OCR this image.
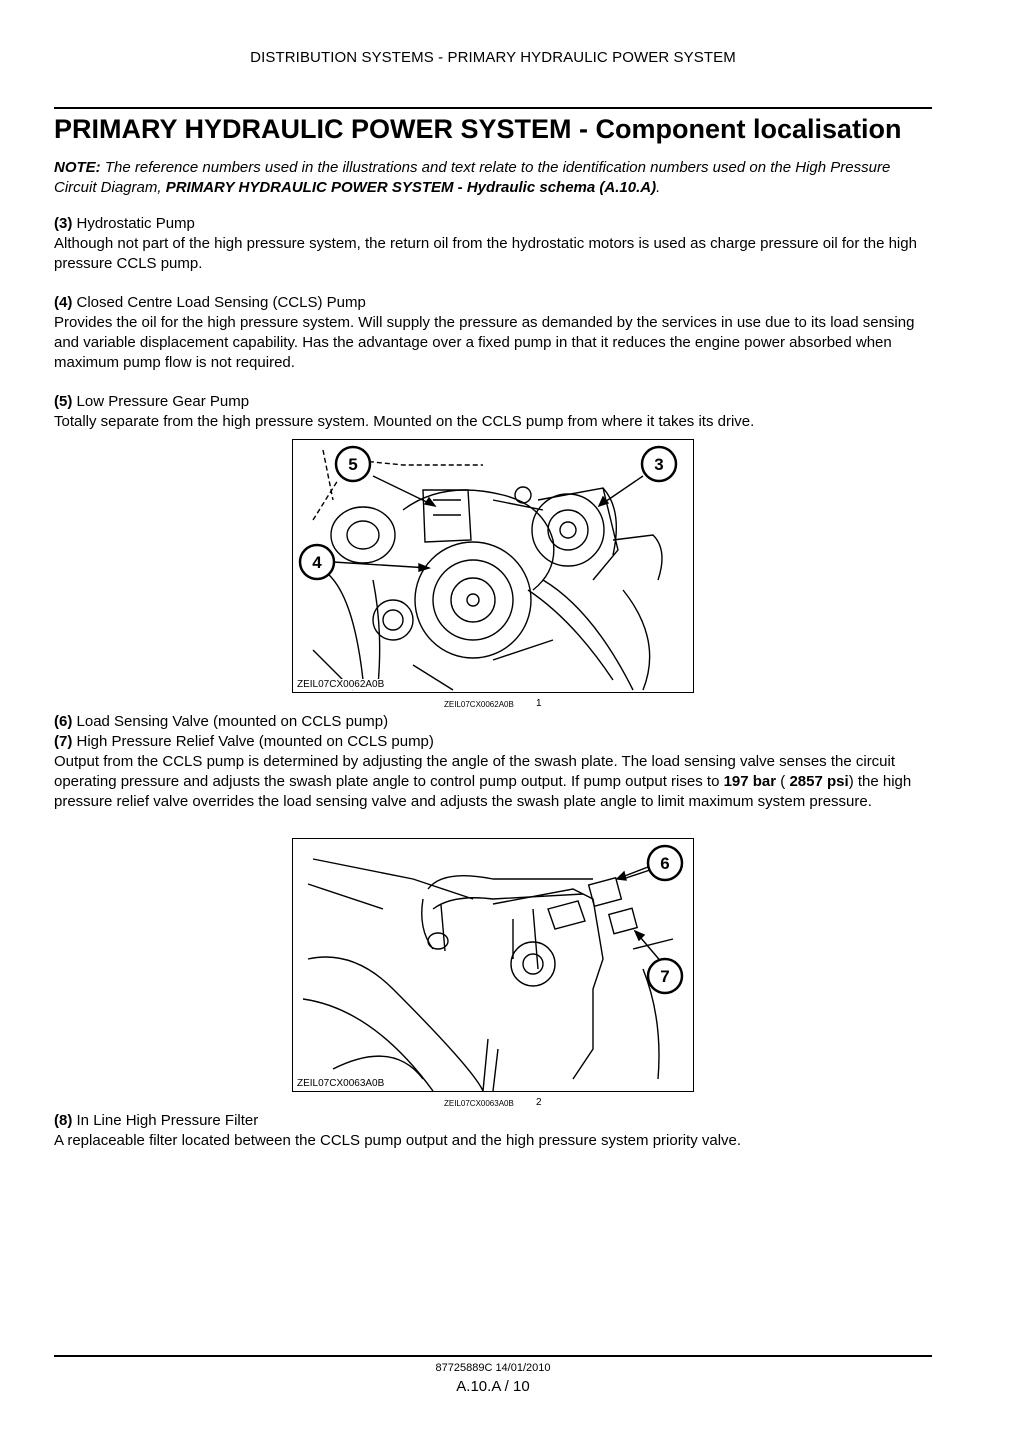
DISTRIBUTION SYSTEMS - PRIMARY HYDRAULIC POWER SYSTEM
PRIMARY HYDRAULIC POWER SYSTEM - Component localisation
NOTE: The reference numbers used in the illustrations and text relate to the identification numbers used on the High Pressure Circuit Diagram, PRIMARY HYDRAULIC POWER SYSTEM - Hydraulic schema (A.10.A).
(3) Hydrostatic Pump
Although not part of the high pressure system, the return oil from the hydrostatic motors is used as charge pressure oil for the high pressure CCLS pump.
(4) Closed Centre Load Sensing (CCLS) Pump
Provides the oil for the high pressure system. Will supply the pressure as demanded by the services in use due to its load sensing and variable displacement capability. Has the advantage over a fixed pump in that it reduces the engine power absorbed when maximum pump flow is not required.
(5) Low Pressure Gear Pump
Totally separate from the high pressure system. Mounted on the CCLS pump from where it takes its drive.
5	3
4
ZEIL07CX0062A0B
ZEIL07CX0062A0B 1
(6) Load Sensing Valve (mounted on CCLS pump)
(7) High Pressure Relief Valve (mounted on CCLS pump)
Output from the CCLS pump is determined by adjusting the angle of the swash plate. The load sensing valve senses the circuit operating pressure and adjusts the swash plate angle to control pump output. If pump output rises to 197 bar ( 2857 psi) the high pressure relief valve overrides the load sensing valve and adjusts the swash plate angle to limit maximum system pressure.
6
7
ZEIL07CX0063A0B
ZEIL07CX0063A0B 2
(8) In Line High Pressure Filter
A replaceable filter located between the CCLS pump output and the high pressure system priority valve.
87725889C 14/01/2010
A.10.A / 10
